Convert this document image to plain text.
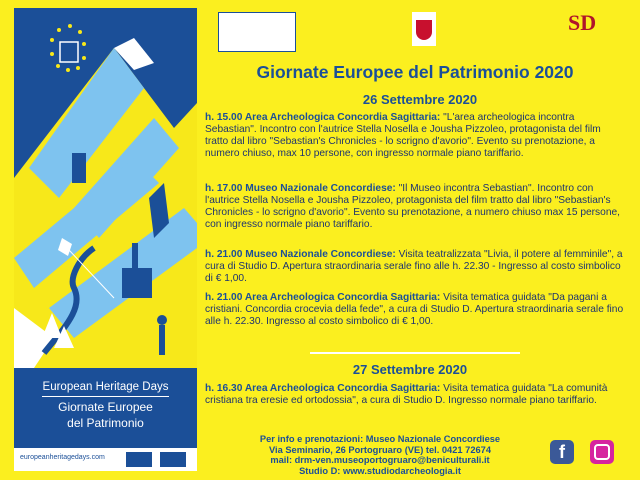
European Heritage Days
Giornate Europee
del Patrimonio
europeanheritagedays.com
SD
Giornate Europee del Patrimonio 2020
26 Settembre 2020
h. 15.00 Area Archeologica Concordia Sagittaria: "L'area archeologica incontra Sebastian". Incontro con l'autrice Stella Nosella e Jousha Pizzoleo, protagonista del film tratto dal libro "Sebastian's Chronicles - lo scrigno d'avorio". Evento su prenotazione, a numero chiuso, max 10 persone, con ingresso normale piano tariffario.
h. 17.00 Museo Nazionale Concordiese: "Il Museo incontra Sebastian". Incontro con l'autrice Stella Nosella e Jousha Pizzoleo, protagonista del film tratto dal libro "Sebastian's Chronicles - lo scrigno d'avorio". Evento su prenotazione, a numero chiuso max 15 persone, con ingresso normale piano tariffario.
h. 21.00 Museo Nazionale Concordiese: Visita teatralizzata "Livia, il potere al femminile", a cura di Studio D. Apertura straordinaria serale fino alle h. 22.30 - Ingresso al costo simbolico di € 1,00.
h. 21.00 Area Archeologica Concordia Sagittaria: Visita tematica guidata "Da pagani a cristiani. Concordia crocevia della fede", a cura di Studio D. Apertura straordinaria serale fino alle h. 22.30. Ingresso al costo simbolico di € 1,00.
27 Settembre 2020
h. 16.30 Area Archeologica Concordia Sagittaria: Visita tematica guidata "La comunità cristiana tra eresie ed ortodossia", a cura di Studio D. Ingresso normale piano tariffario.
Per info e prenotazioni: Museo Nazionale Concordiese
Via Seminario, 26 Portogruaro (VE) tel. 0421 72674
mail: drm-ven.museoportogruaro@beniculturali.it
Studio D: www.studiodarcheologia.it
f
